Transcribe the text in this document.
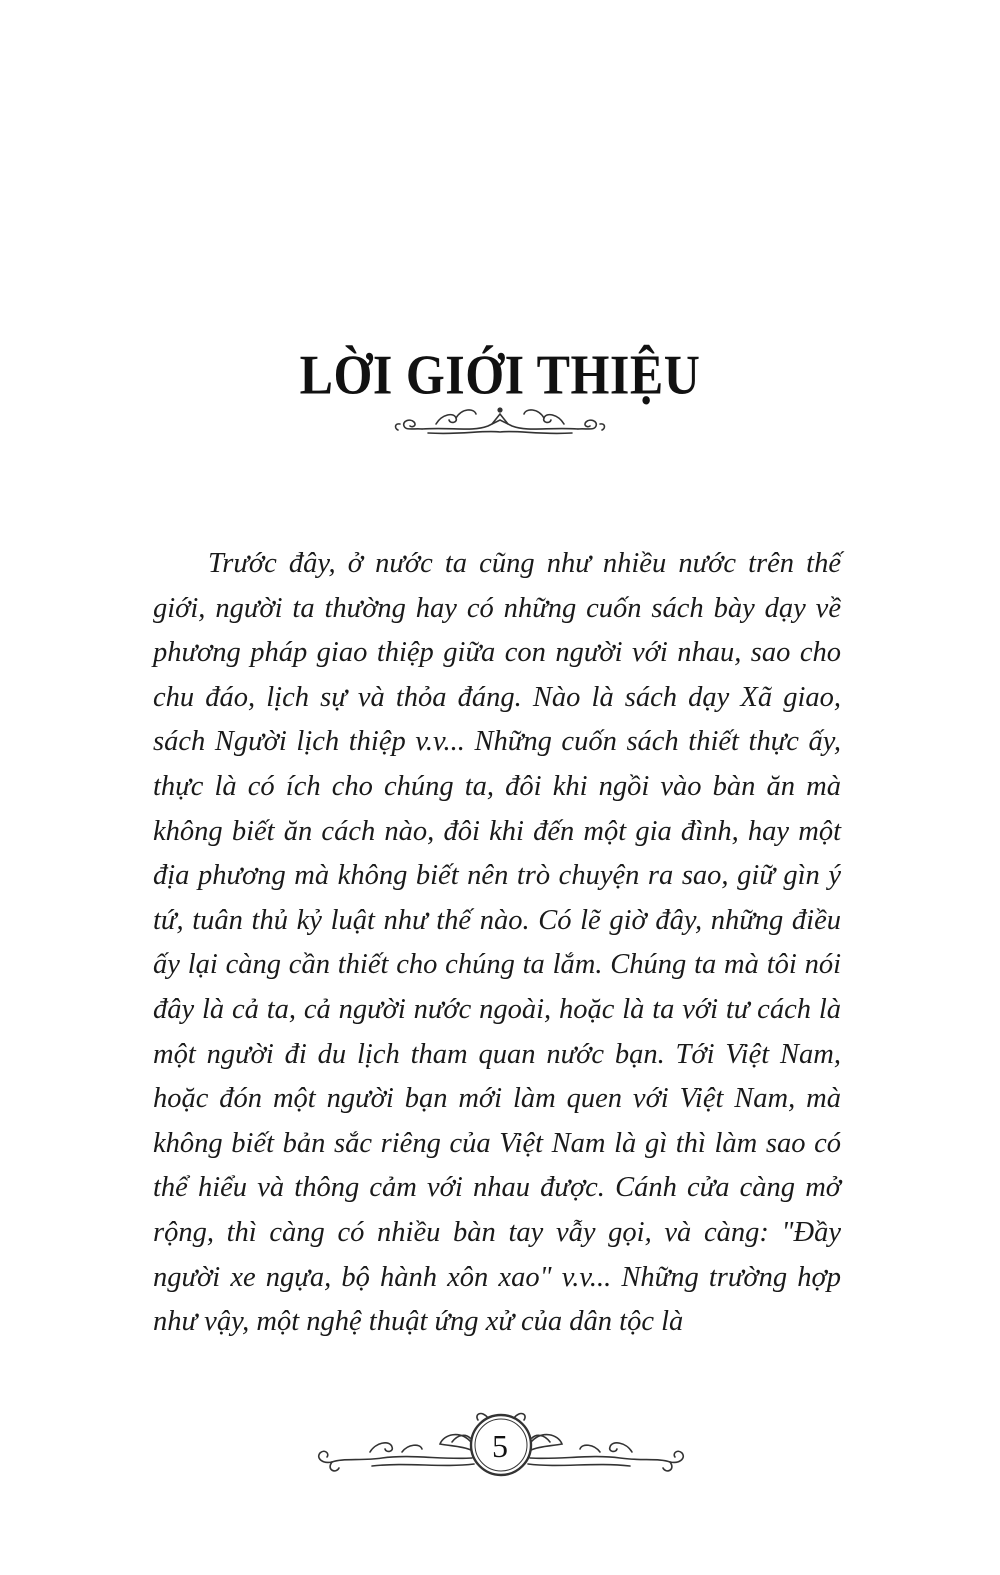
LỜI GIỚI THIỆU

Trước đây, ở nước ta cũng như nhiều nước trên thế giới, người ta thường hay có những cuốn sách bày dạy về phương pháp giao thiệp giữa con người với nhau, sao cho chu đáo, lịch sự và thỏa đáng. Nào là sách dạy Xã giao, sách Người lịch thiệp v.v... Những cuốn sách thiết thực ấy, thực là có ích cho chúng ta, đôi khi ngồi vào bàn ăn mà không biết ăn cách nào, đôi khi đến một gia đình, hay một địa phương mà không biết nên trò chuyện ra sao, giữ gìn ý tứ, tuân thủ kỷ luật như thế nào. Có lẽ giờ đây, những điều ấy lại càng cần thiết cho chúng ta lắm. Chúng ta mà tôi nói đây là cả ta, cả người nước ngoài, hoặc là ta với tư cách là một người đi du lịch tham quan nước bạn. Tới Việt Nam, hoặc đón một người bạn mới làm quen với Việt Nam, mà không biết bản sắc riêng của Việt Nam là gì thì làm sao có thể hiểu và thông cảm với nhau được. Cánh cửa càng mở rộng, thì càng có nhiều bàn tay vẫy gọi, và càng: "Đầy người xe ngựa, bộ hành xôn xao" v.v... Những trường hợp như vậy, một nghệ thuật ứng xử của dân tộc là

5
